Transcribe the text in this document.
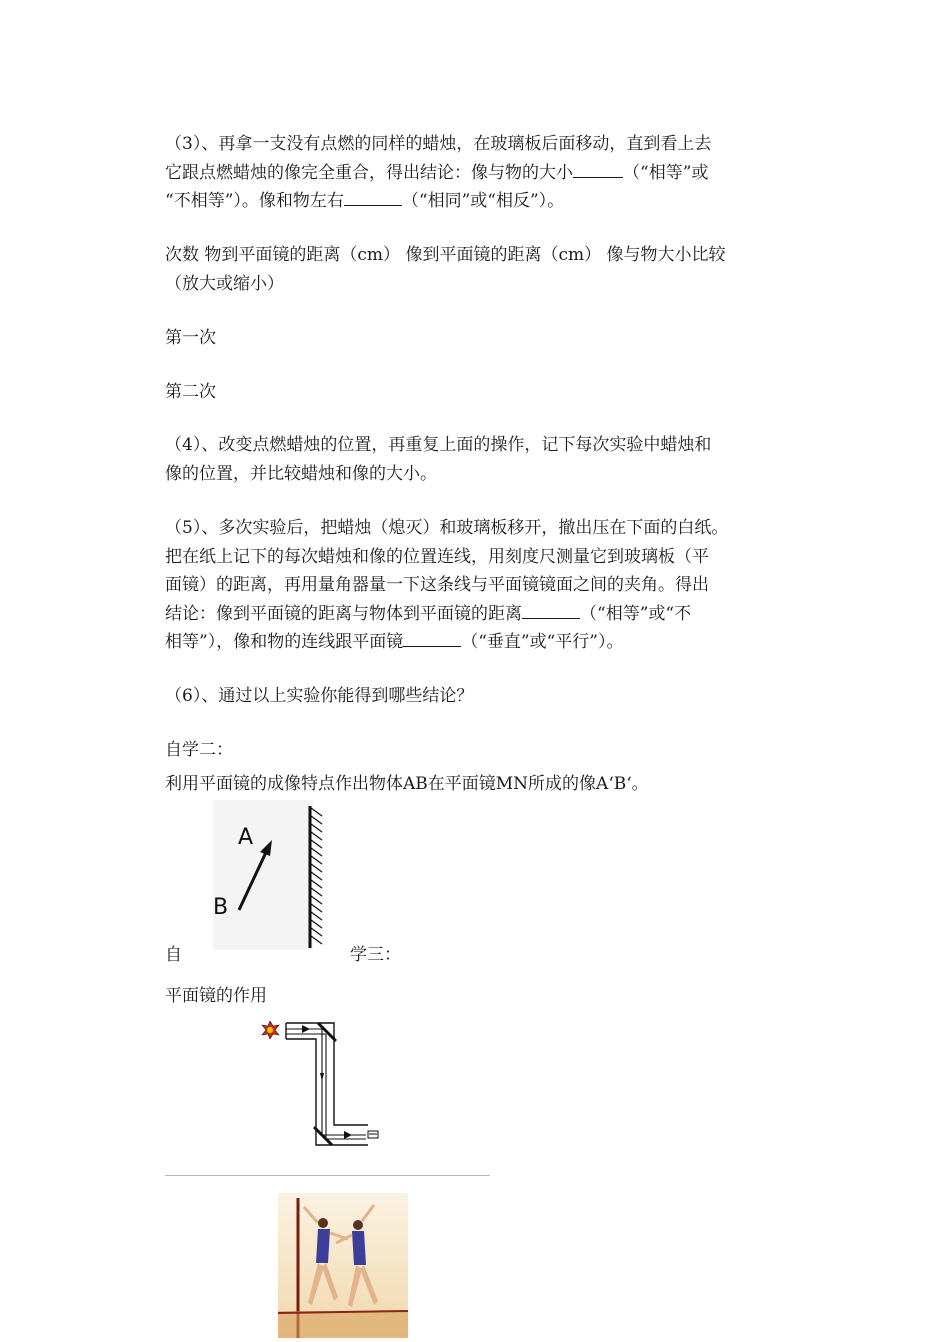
（3）、再拿一支没有点燃的同样的蜡烛，在玻璃板后面移动，直到看上去
它跟点燃蜡烛的像完全重合，得出结论：像与物的大小	（“相等”或
“不相等”）。像和物左右	（“相同”或“相反”）。

次数 物到平面镜的距离（cm） 像到平面镜的距离（cm） 像与物大小比较
（放大或缩小）

第一次

第二次

（4）、改变点燃蜡烛的位置，再重复上面的操作，记下每次实验中蜡烛和
像的位置，并比较蜡烛和像的大小。

（5）、多次实验后，把蜡烛（熄灭）和玻璃板移开，撤出压在下面的白纸。
把在纸上记下的每次蜡烛和像的位置连线，用刻度尺测量它到玻璃板（平
面镜）的距离，再用量角器量一下这条线与平面镜镜面之间的夹角。得出
结论：像到平面镜的距离与物体到平面镜的距离	（“相等”或“不
相等”），像和物的连线跟平面镜	（“垂直”或“平行”）。

（6）、通过以上实验你能得到哪些结论？

自学二：

利用平面镜的成像特点作出物体AB在平面镜MN所成的像A‘B‘。

A
B

自	学三：

平面镜的作用
